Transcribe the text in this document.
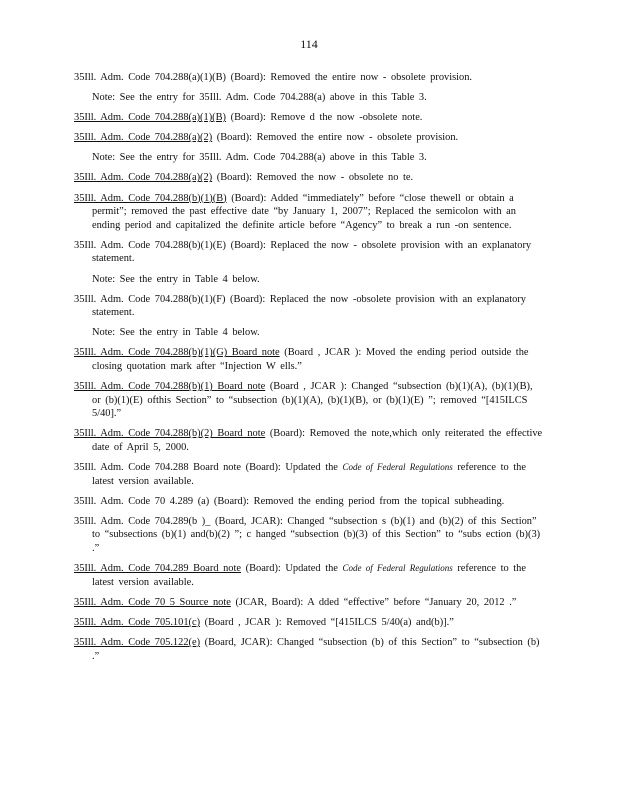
114

35Ill. Adm. Code 704.288(a)(1)(B) (Board): Removed the entire now - obsolete provision.

Note: See the entry for 35Ill. Adm. Code 704.288(a) above in this Table 3.

35Ill. Adm. Code 704.288(a)(1)(B) (Board): Remove d the now -obsolete note.

35Ill. Adm. Code 704.288(a)(2) (Board): Removed the entire now - obsolete provision.

Note: See the entry for 35Ill. Adm. Code 704.288(a) above in this Table 3.

35Ill. Adm. Code 704.288(a)(2) (Board): Removed the now - obsolete no te.

35Ill. Adm. Code 704.288(b)(1)(B) (Board): Added “immediately” before “close thewell or obtain a permit”; removed the past effective date “by January 1, 2007”; Replaced the semicolon with an ending period and capitalized the definite article before “Agency” to break a run -on sentence.

35Ill. Adm. Code 704.288(b)(1)(E) (Board): Replaced the now - obsolete provision with an explanatory statement.

Note: See the entry in Table 4 below.

35Ill. Adm. Code 704.288(b)(1)(F) (Board): Replaced the now -obsolete provision with an explanatory statement.

Note: See the entry in Table 4 below.

35Ill. Adm. Code 704.288(b)(1)(G) Board note (Board , JCAR ): Moved the ending period outside the closing quotation mark after “Injection W ells.”

35Ill. Adm. Code 704.288(b)(1) Board note (Board , JCAR ): Changed “subsection (b)(1)(A), (b)(1)(B), or (b)(1)(E) ofthis Section” to “subsection (b)(1)(A), (b)(1)(B), or (b)(1)(E) ”; removed “[415ILCS 5/40].”

35Ill. Adm. Code 704.288(b)(2) Board note (Board): Removed the note,which only reiterated the effective date of April 5, 2000.

35Ill. Adm. Code 704.288 Board note (Board): Updated the Code of Federal Regulations reference to the latest version available.

35Ill. Adm. Code 70 4.289 (a) (Board): Removed the ending period from the topical subheading.

35Ill. Adm. Code 704.289(b )_ (Board, JCAR): Changed “subsection s (b)(1) and (b)(2) of this Section” to “subsections (b)(1) and(b)(2) ”; c hanged “subsection (b)(3) of this Section” to “subs ection (b)(3) .”

35Ill. Adm. Code 704.289 Board note (Board): Updated the Code of Federal Regulations reference to the latest version available.

35Ill. Adm. Code 70 5 Source note (JCAR, Board): A dded “effective” before “January 20, 2012 .”

35Ill. Adm. Code 705.101(c) (Board , JCAR ): Removed “[415ILCS 5/40(a) and(b)].”

35Ill. Adm. Code 705.122(e) (Board, JCAR): Changed “subsection (b) of this Section” to “subsection (b) .”
